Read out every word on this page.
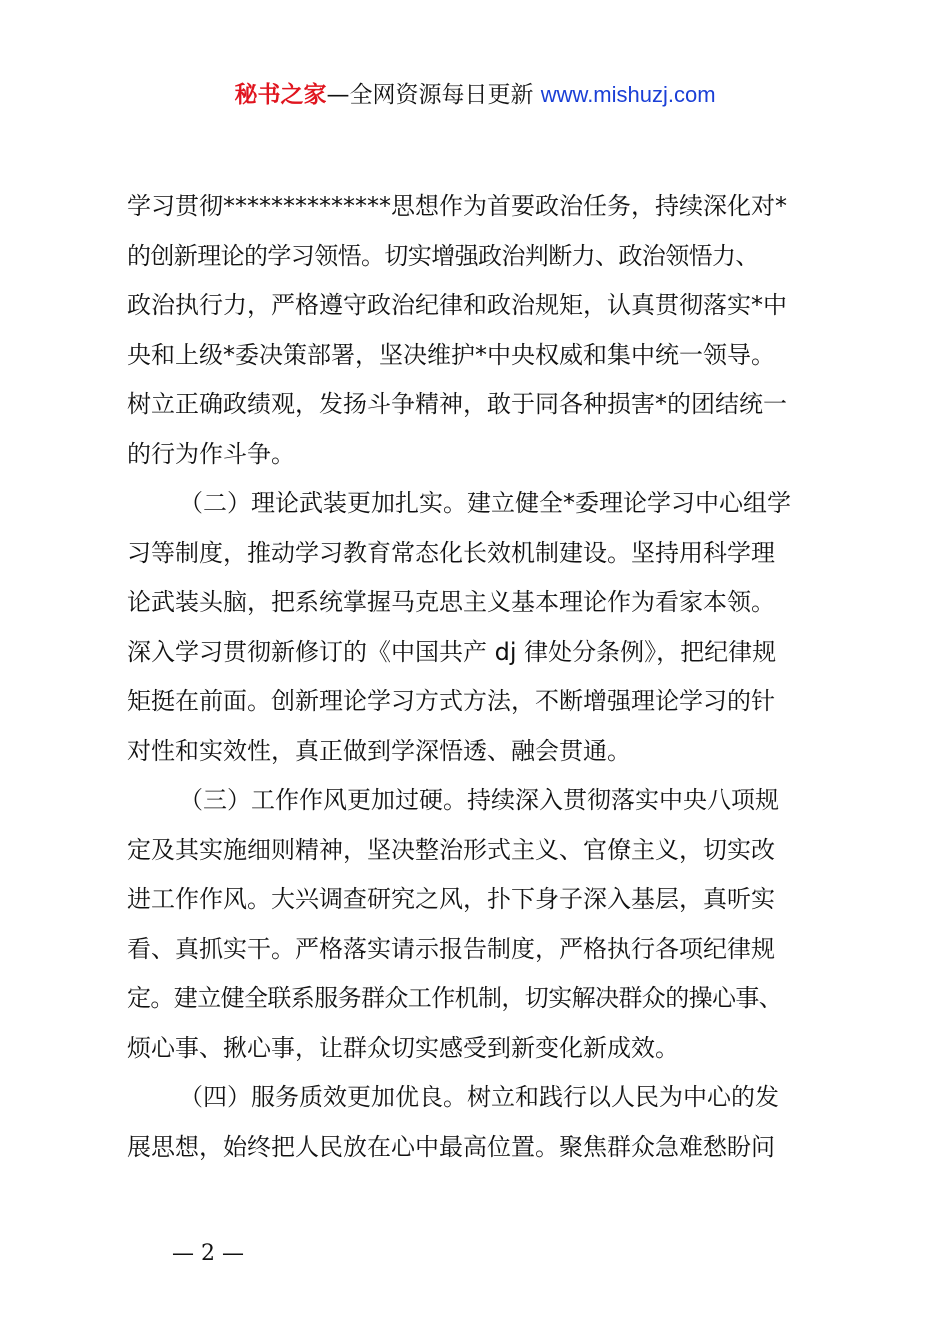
秘书之家—全网资源每日更新 www.mishuzj.com
学习贯彻**************思想作为首要政治任务，持续深化对*
的创新理论的学习领悟。切实增强政治判断力、政治领悟力、
政治执行力，严格遵守政治纪律和政治规矩，认真贯彻落实*中
央和上级*委决策部署，坚决维护*中央权威和集中统一领导。
树立正确政绩观，发扬斗争精神，敢于同各种损害*的团结统一
的行为作斗争。
（二）理论武装更加扎实。建立健全*委理论学习中心组学
习等制度，推动学习教育常态化长效机制建设。坚持用科学理
论武装头脑，把系统掌握马克思主义基本理论作为看家本领。
深入学习贯彻新修订的《中国共产 dj 律处分条例》，把纪律规
矩挺在前面。创新理论学习方式方法，不断增强理论学习的针
对性和实效性，真正做到学深悟透、融会贯通。
（三）工作作风更加过硬。持续深入贯彻落实中央八项规
定及其实施细则精神，坚决整治形式主义、官僚主义，切实改
进工作作风。大兴调查研究之风，扑下身子深入基层，真听实
看、真抓实干。严格落实请示报告制度，严格执行各项纪律规
定。建立健全联系服务群众工作机制，切实解决群众的操心事、
烦心事、揪心事，让群众切实感受到新变化新成效。
（四）服务质效更加优良。树立和践行以人民为中心的发
展思想，始终把人民放在心中最高位置。聚焦群众急难愁盼问
— 2 —
